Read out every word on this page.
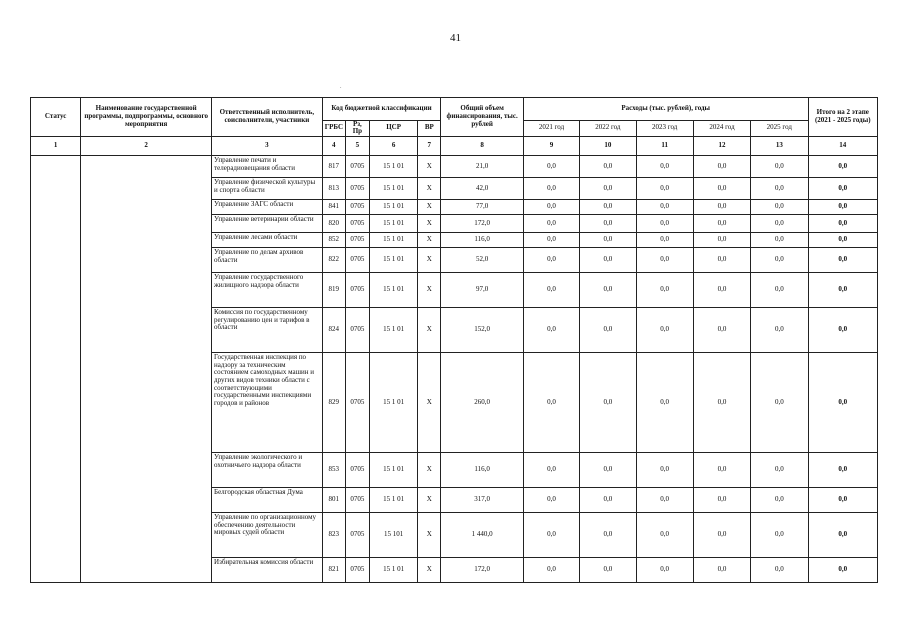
41
.
Статус	Наименование государственной программы, подпрограммы, основного мероприятия	Ответственный исполнитель, соисполнители, участники	Код бюджетной классификации				Общий объем финансирования, тыс. рублей	Расходы (тыс. рублей), годы					Итого на 2 этапе (2021 - 2025 годы)
			ГРБС	Рз, Пр	ЦСР	ВР		2021 год	2022 год	2023 год	2024 год	2025 год	
1	2	3	4	5	6	7	8	9	10	11	12	13	14
		Управление печати и телерадиовещания области	817	0705	15 1 01	X	21,0	0,0	0,0	0,0	0,0	0,0	0,0
		Управление физической культуры и спорта области	813	0705	15 1 01	X	42,0	0,0	0,0	0,0	0,0	0,0	0,0
		Управление ЗАГС области	841	0705	15 1 01	X	77,0	0,0	0,0	0,0	0,0	0,0	0,0
		Управление ветеринарии области	820	0705	15 1 01	X	172,0	0,0	0,0	0,0	0,0	0,0	0,0
		Управление лесами области	852	0705	15 1 01	X	116,0	0,0	0,0	0,0	0,0	0,0	0,0
		Управление по делам архивов области	822	0705	15 1 01	X	52,0	0,0	0,0	0,0	0,0	0,0	0,0
		Управление государственного жилищного надзора области	819	0705	15 1 01	X	97,0	0,0	0,0	0,0	0,0	0,0	0,0
		Комиссия по государственному регулированию цен и тарифов в области	824	0705	15 1 01	X	152,0	0,0	0,0	0,0	0,0	0,0	0,0
		Государственная инспекция по надзору за техническим состоянием самоходных машин и других видов техники области с соответствующими государственными инспекциями городов и районов	829	0705	15 1 01	X	260,0	0,0	0,0	0,0	0,0	0,0	0,0
		Управление экологического и охотничьего надзора области	853	0705	15 1 01	X	116,0	0,0	0,0	0,0	0,0	0,0	0,0
		Белгородская областная Дума	801	0705	15 1 01	X	317,0	0,0	0,0	0,0	0,0	0,0	0,0
		Управление по организационному обеспечению деятельности мировых судей области	823	0705	15 101	X	1 440,0	0,0	0,0	0,0	0,0	0,0	0,0
		Избирательная комиссия области	821	0705	15 1 01	X	172,0	0,0	0,0	0,0	0,0	0,0	0,0
